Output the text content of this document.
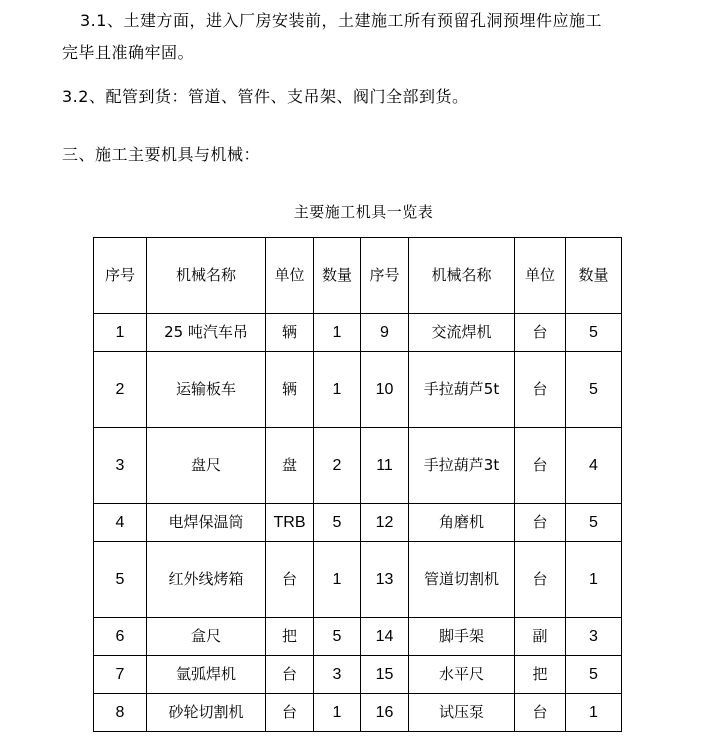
3.1、土建方面，进入厂房安装前，土建施工所有预留孔洞预埋件应施工
完毕且准确牢固。
3.2、配管到货：管道、管件、支吊架、阀门全部到货。
三、施工主要机具与机械：
主要施工机具一览表
序号	机械名称	单位	数量	序号	机械名称	单位	数量
1	25 吨汽车吊	辆	1	9	交流焊机	台	5
2	运输板车	辆	1	10	手拉葫芦5t	台	5
3	盘尺	盘	2	11	手拉葫芦3t	台	4
4	电焊保温筒	TRB	5	12	角磨机	台	5
5	红外线烤箱	台	1	13	管道切割机	台	1
6	盒尺	把	5	14	脚手架	副	3
7	氩弧焊机	台	3	15	水平尺	把	5
8	砂轮切割机	台	1	16	试压泵	台	1
